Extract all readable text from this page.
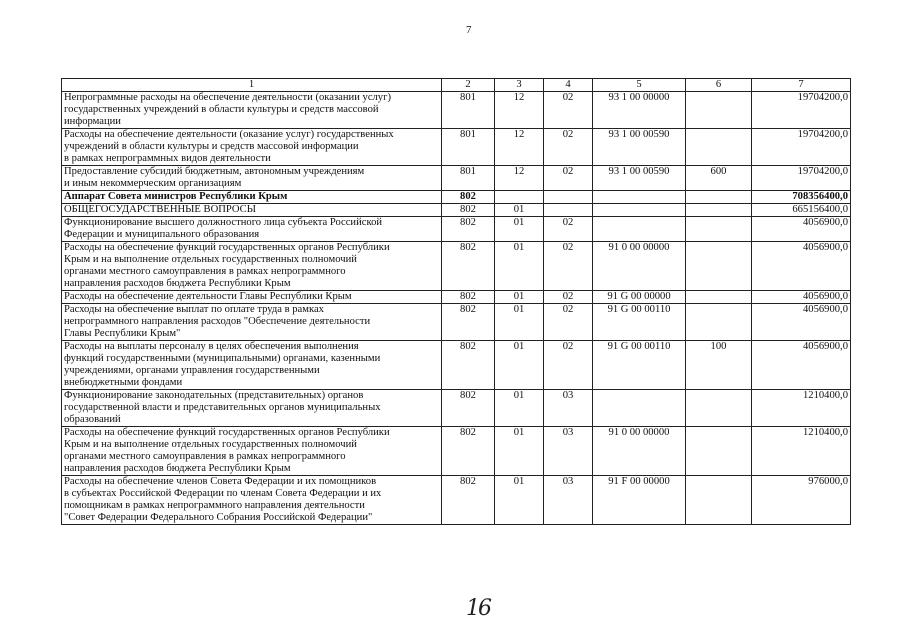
7
1	2	3	4	5	6	7
Непрограммные расходы на обеспечение деятельности (оказании услуг)
государственных учреждений в области культуры и средств массовой
информации	801	12	02	93 1 00 00000		19704200,0
Расходы на обеспечение деятельности (оказание услуг) государственных
учреждений в области культуры и средств массовой информации
в рамках непрограммных видов деятельности	801	12	02	93 1 00 00590		19704200,0
Предоставление субсидий бюджетным, автономным учреждениям
и иным некоммерческим организациям	801	12	02	93 1 00 00590	600	19704200,0
Аппарат Совета министров Республики Крым	802					708356400,0
ОБЩЕГОСУДАРСТВЕННЫЕ ВОПРОСЫ	802	01				665156400,0
Функционирование высшего должностного лица субъекта Российской
Федерации и муниципального образования	802	01	02			4056900,0
Расходы на обеспечение функций государственных органов Республики
Крым и на выполнение отдельных государственных полномочий
органами местного самоуправления в рамках непрограммного
направления расходов бюджета Республики Крым	802	01	02	91 0 00 00000		4056900,0
Расходы на обеспечение деятельности Главы Республики Крым	802	01	02	91 G 00 00000		4056900,0
Расходы на обеспечение выплат по оплате труда в рамках
непрограммного направления расходов "Обеспечение деятельности
Главы Республики Крым"	802	01	02	91 G 00 00110		4056900,0
Расходы на выплаты персоналу в целях обеспечения выполнения
функций государственными (муниципальными) органами, казенными
учреждениями, органами управления государственными
внебюджетными фондами	802	01	02	91 G 00 00110	100	4056900,0
Функционирование законодательных (представительных) органов
государственной власти и представительных органов муниципальных
образований	802	01	03			1210400,0
Расходы на обеспечение функций государственных органов Республики
Крым и на выполнение отдельных государственных полномочий
органами местного самоуправления в рамках непрограммного
направления расходов бюджета Республики Крым	802	01	03	91 0 00 00000		1210400,0
Расходы на обеспечение членов Совета Федерации и их помощников
в субъектах Российской Федерации по членам Совета Федерации и их
помощникам в рамках непрограммного направления деятельности
"Совет Федерации Федерального Собрания Российской Федерации"	802	01	03	91 F 00 00000		976000,0
16
